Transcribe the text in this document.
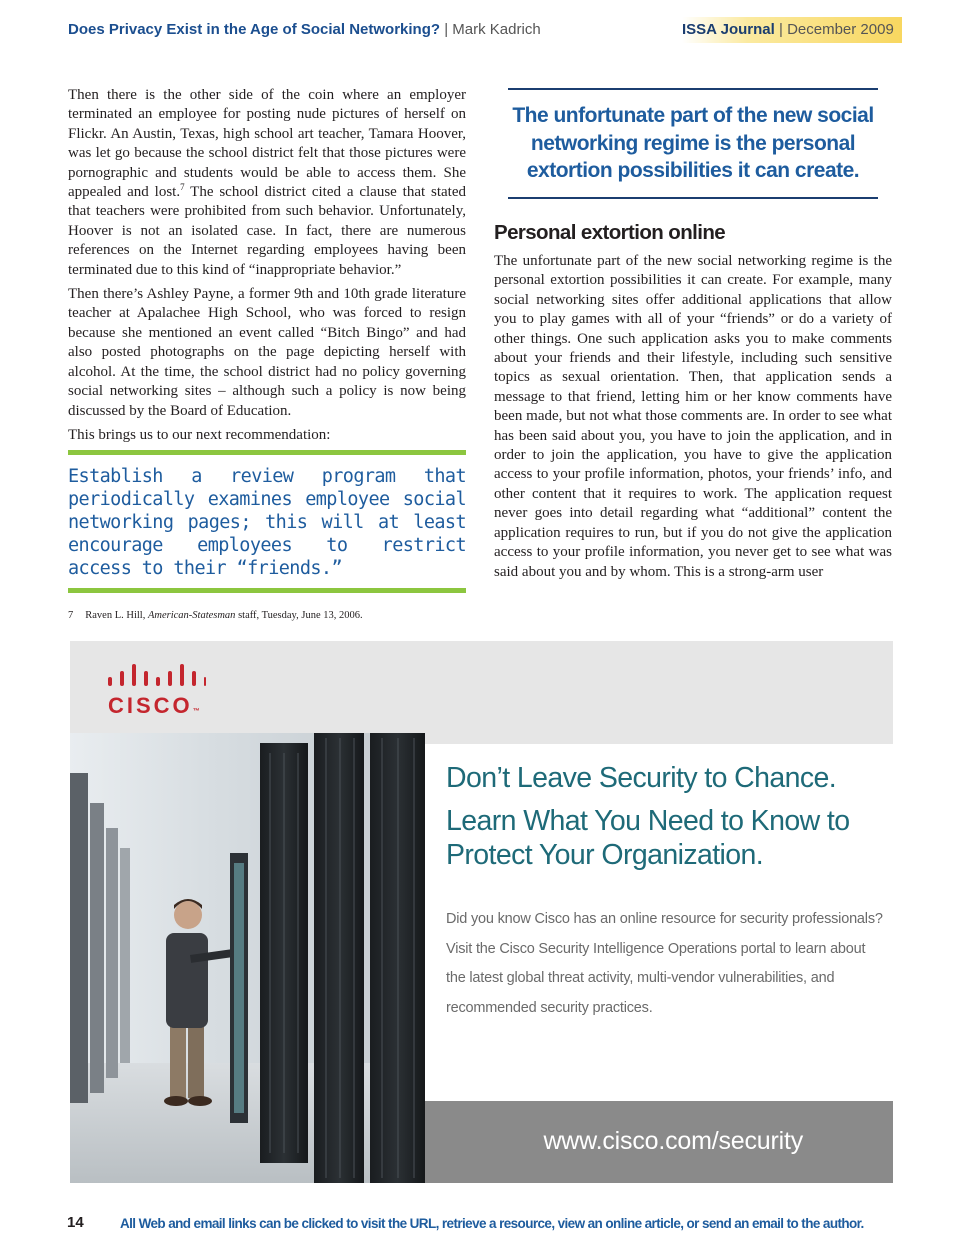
Does Privacy Exist in the Age of Social Networking? | Mark Kadrich	ISSA Journal | December 2009

Then there is the other side of the coin where an employer terminated an employee for posting nude pictures of herself on Flickr. An Austin, Texas, high school art teacher, Tamara Hoover, was let go because the school district felt that those pictures were pornographic and students would be able to access them. She appealed and lost.$^7$ The school district cited a clause that stated that teachers were prohibited from such behavior. Unfortunately, Hoover is not an isolated case. In fact, there are numerous references on the Internet regarding employees having been terminated due to this kind of “inappropriate behavior.”

Then there’s Ashley Payne, a former 9th and 10th grade literature teacher at Apalachee High School, who was forced to resign because she mentioned an event called “Bitch Bingo” and had also posted photographs on the page depicting herself with alcohol. At the time, the school district had no policy governing social networking sites – although such a policy is now being discussed by the Board of Education.

This brings us to our next recommendation:

Establish a review program that periodically examines employee social networking pages; this will at least encourage employees to restrict access to their “friends.”
The unfortunate part of the new social networking regime is the personal extortion possibilities it can create.
Personal extortion online

The unfortunate part of the new social networking regime is the personal extortion possibilities it can create. For example, many social networking sites offer additional applications that allow you to play games with all of your “friends” or do a variety of other things. One such application asks you to make comments about your friends and their lifestyle, including such sensitive topics as sexual orientation. Then, that application sends a message to that friend, letting him or her know comments have been made, but not what those comments are. In order to see what has been said about you, you have to join the application, and in order to join the application, you have to give the application access to your profile information, photos, your friends’ info, and other content that it requires to work. The application request never goes into detail regarding what “additional” content the application requires to run, but if you do not give the application access to your profile information, you never get to see what was said about you and by whom. This is a strong-arm user

7 Raven L. Hill, American-Statesman staff, Tuesday, June 13, 2006.
CISCO™
Don’t Leave Security to Chance.
Learn What You Need to Know to Protect Your Organization.
Did you know Cisco has an online resource for security professionals? Visit the Cisco Security Intelligence Operations portal to learn about the latest global threat activity, multi-vendor vulnerabilities, and recommended security practices.
www.cisco.com/security
14	All Web and email links can be clicked to visit the URL, retrieve a resource, view an online article, or send an email to the author.
